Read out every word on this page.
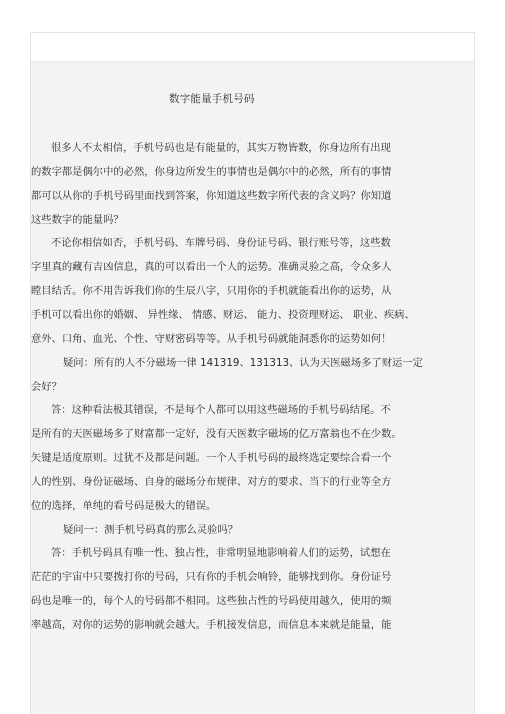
数字能量手机号码
很多人不太相信，手机号码也是有能量的，其实万物皆数，你身边所有出现
的数字都是偶尔中的必然，你身边所发生的事情也是偶尔中的必然，所有的事情
都可以从你的手机号码里面找到答案，你知道这些数字所代表的含义吗？你知道
这些数字的能量吗？
不论你相信如否，手机号码、车牌号码、身份证号码、银行账号等，这些数
字里真的藏有吉凶信息，真的可以看出一个人的运势。准确灵验之高，令众多人
瞠目结舌。你不用告诉我们你的生辰八字，只用你的手机就能看出你的运势，从
手机可以看出你的婚姻、 异性缘、 情感、财运、 能力、投资理财运、 职业、疾病、
意外、口角、血光、个性、守财密码等等。从手机号码就能洞悉你的运势如何！
疑问：所有的人不分磁场一律 141319、131313、认为天医磁场多了财运一定
会好？
答：这种看法极其错误，不是每个人都可以用这些磁场的手机号码结尾。不
是所有的天医磁场多了财富都一定好，没有天医数字磁场的亿万富翁也不在少数。
矢键是适度原则。过犹不及都是问题。一个人手机号码的最终选定要综合看一个
人的性别、身份证磁场、自身的磁场分布规律、对方的要求、当下的行业等全方
位的选择，单纯的看号码是极大的错误。
疑问一：测手机号码真的那么灵验吗？
答：手机号码具有唯一性、独占性，非常明显地影响着人们的运势，试想在
茫茫的宇宙中只要拨打你的号码，只有你的手机会响铃，能够找到你。身份证号
码也是唯一的，每个人的号码都不相同。这些独占性的号码使用越久，使用的频
率越高，对你的运势的影响就会越大。手机接发信息，而信息本来就是能量，能
